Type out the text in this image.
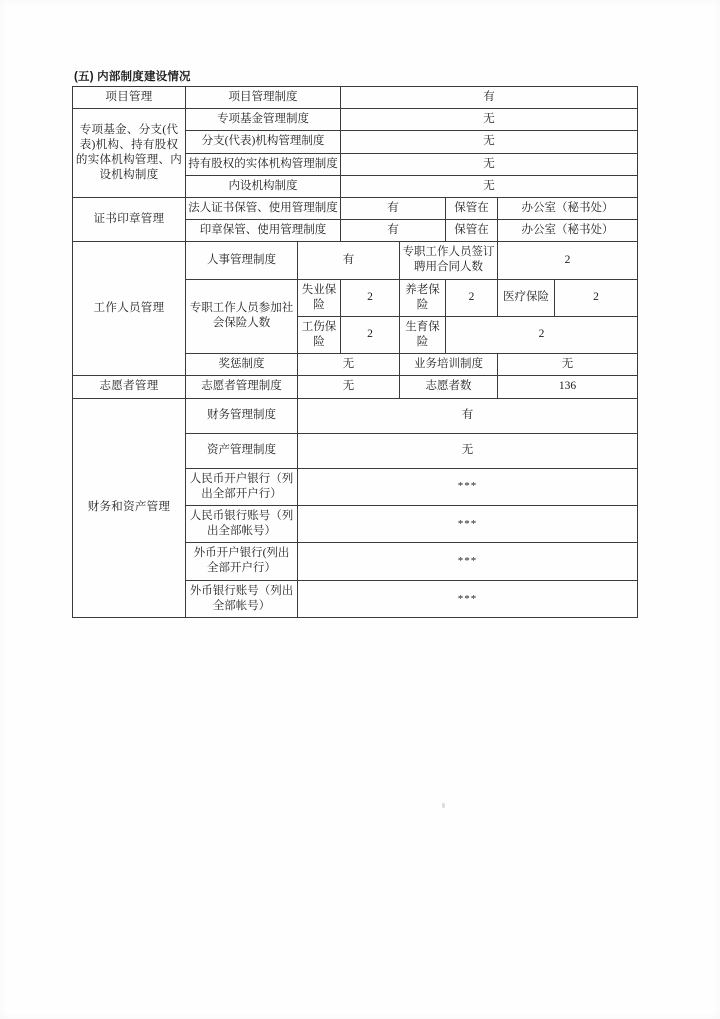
(五) 内部制度建设情况
项目管理	项目管理制度		有				
专项基金、分支(代表)机构、持有股权的实体机构管理、内设机构制度	专项基金管理制度		无				
	分支(代表)机构管理制度		无				
	持有股权的实体机构管理制度		无				
	内设机构制度		无				
证书印章管理	法人证书保管、使用管理制度		有		保管在	办公室（秘书处）	
	印章保管、使用管理制度		有		保管在	办公室（秘书处）	
工作人员管理	人事管理制度	有		专职工作人员签订聘用合同人数		2	
	专职工作人员参加社会保险人数	失业保险	2	养老保险	2	医疗保险	2
		工伤保险	2	生育保险	2		
	奖惩制度	无		业务培训制度		无	
志愿者管理	志愿者管理制度	无		志愿者数		136	
财务和资产管理	财务管理制度	有					
	资产管理制度	无					
	人民币开户银行（列出全部开户行）	***					
	人民币银行账号（列出全部帐号）	***					
	外币开户银行(列出全部开户行）	***					
	外币银行账号（列出全部帐号）	***					
